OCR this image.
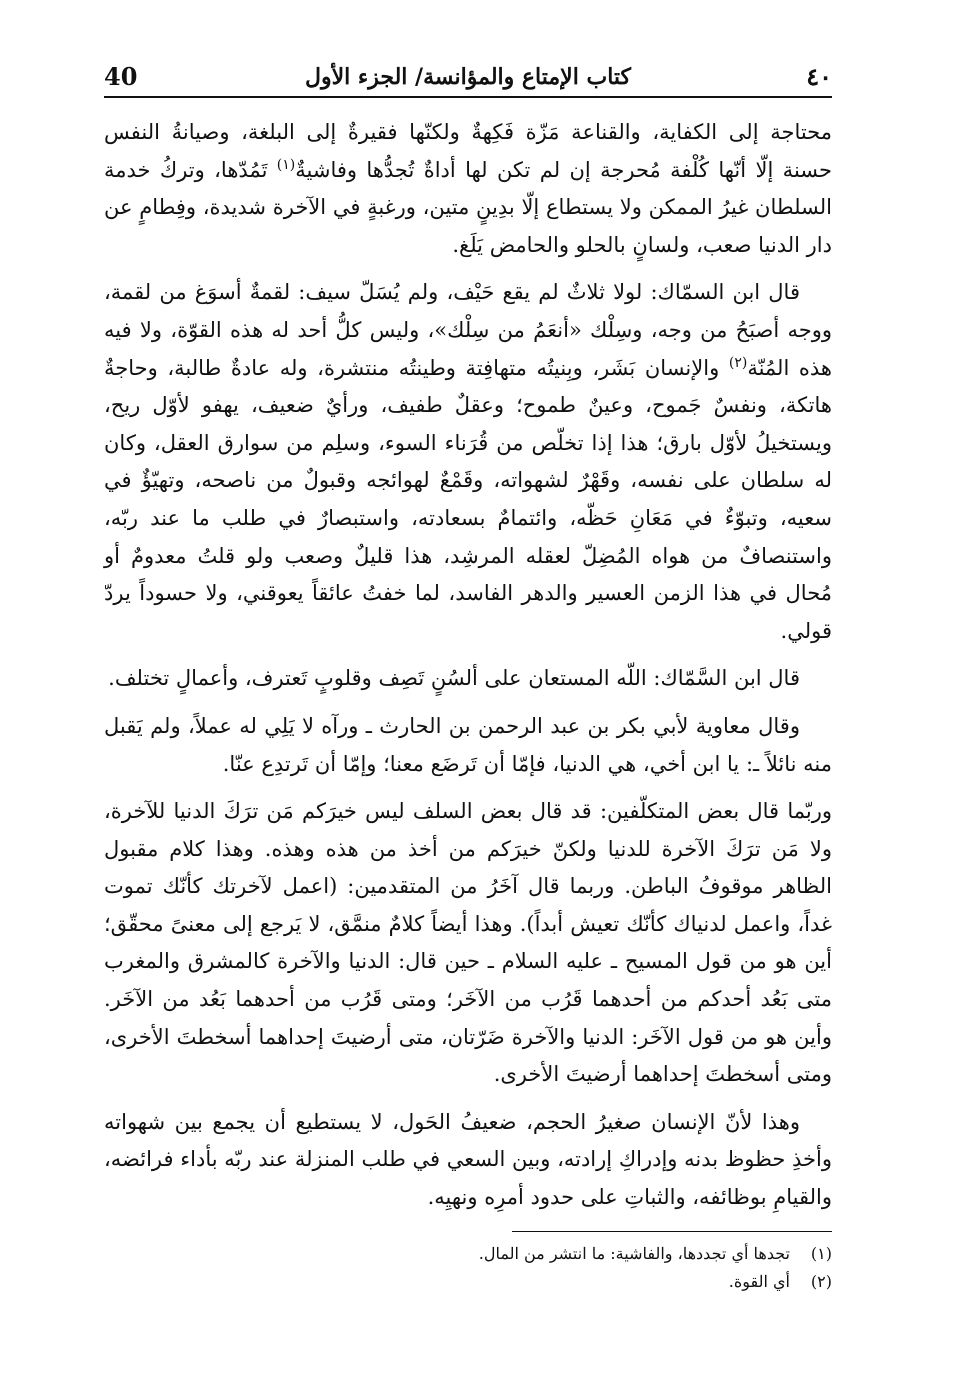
40	كتاب الإمتاع والمؤانسة/ الجزء الأول	٤٠

محتاجة إلى الكفاية، والقناعة مَزّة فَكِهةٌ ولكنّها فقيرةٌ إلى البلغة، وصيانةُ النفس حسنة إلّا أنّها كُلْفة مُحرجة إن لم تكن لها أداةٌ تُجدُّها وفاشيةٌ$^{(١)}$ تَمُدّها، وتركُ خدمة السلطان غيرُ الممكن ولا يستطاع إلّا بدِينٍ متين، ورغبةٍ في الآخرة شديدة، وفِطامٍ عن دار الدنيا صعب، ولسانٍ بالحلو والحامض يَلَغ.

قال ابن السمّاك: لولا ثلاثٌ لم يقع حَيْف، ولم يُسَلّ سيف: لقمةٌ أسوَغ من لقمة، ووجه أصبَحُ من وجه، وسِلْك «أنعَمُ من سِلْك»، وليس كلُّ أحد له هذه القوّة، ولا فيه هذه المُنّة$^{(٢)}$ والإنسان بَشَر، وبِنيتُه متهافِتة وطينتُه منتشرة، وله عادةٌ طالبة، وحاجةٌ هاتكة، ونفسٌ جَموح، وعينٌ طموح؛ وعقلٌ طفيف، ورأيٌ ضعيف، يهفو لأوّل ريح، ويستخيلُ لأوّل بارق؛ هذا إذا تخلّص من قُرَناء السوء، وسلِم من سوارق العقل، وكان له سلطان على نفسه، وقَهْرٌ لشهواته، وقَمْعٌ لهوائجه وقبولٌ من ناصحه، وتهيّؤٌ في سعيه، وتبوّءٌ في مَعَانِ حَظّه، وائتمامٌ بسعادته، واستبصارٌ في طلب ما عند ربّه، واستنصافٌ من هواه المُضِلّ لعقله المرشِد، هذا قليلٌ وصعب ولو قلتُ معدومٌ أو مُحال في هذا الزمن العسير والدهر الفاسد، لما خفتُ عائقاً يعوقني، ولا حسوداً يردّ قولي.

قال ابن السَّمّاك: اللّه المستعان على ألسُنٍ تَصِف وقلوبٍ تَعترف، وأعمالٍ تختلف.

وقال معاوية لأبي بكر بن عبد الرحمن بن الحارث ـ ورآه لا يَلِي له عملاً، ولم يَقبل منه نائلاً ـ: يا ابن أخي، هي الدنيا، فإمّا أن تَرضَع معنا؛ وإمّا أن تَرتدِع عنّا.

وربّما قال بعض المتكلّفين: قد قال بعض السلف ليس خيرَكم مَن ترَكَ الدنيا للآخرة، ولا مَن ترَكَ الآخرة للدنيا ولكنّ خيرَكم من أخذ من هذه وهذه. وهذا كلام مقبول الظاهر موقوفُ الباطن. وربما قال آخَرُ من المتقدمين: (اعمل لآخرتك كأنّك تموت غداً، واعمل لدنياك كأنّك تعيش أبداً). وهذا أيضاً كلامٌ منمَّق، لا يَرجع إلى معنىً محقّق؛ أين هو من قول المسيح ـ عليه السلام ـ حين قال: الدنيا والآخرة كالمشرق والمغرب متى بَعُد أحدكم من أحدهما قَرُب من الآخَر؛ ومتى قَرُب من أحدهما بَعُد من الآخَر. وأين هو من قول الآخَر: الدنيا والآخرة ضَرّتان، متى أرضيتَ إحداهما أسخطتَ الأخرى، ومتى أسخطتَ إحداهما أرضيتَ الأخرى.

وهذا لأنّ الإنسان صغيرُ الحجم، ضعيفُ الحَول، لا يستطيع أن يجمع بين شهواته وأخذِ حظوظ بدنه وإدراكِ إرادته، وبين السعي في طلب المنزلة عند ربّه بأداء فرائضه، والقيامِ بوظائفه، والثباتِ على حدود أمرِه ونهيِه.

(١)
تجدها أي تجددها، والفاشية: ما انتشر من المال.
(٢)
أي القوة.
